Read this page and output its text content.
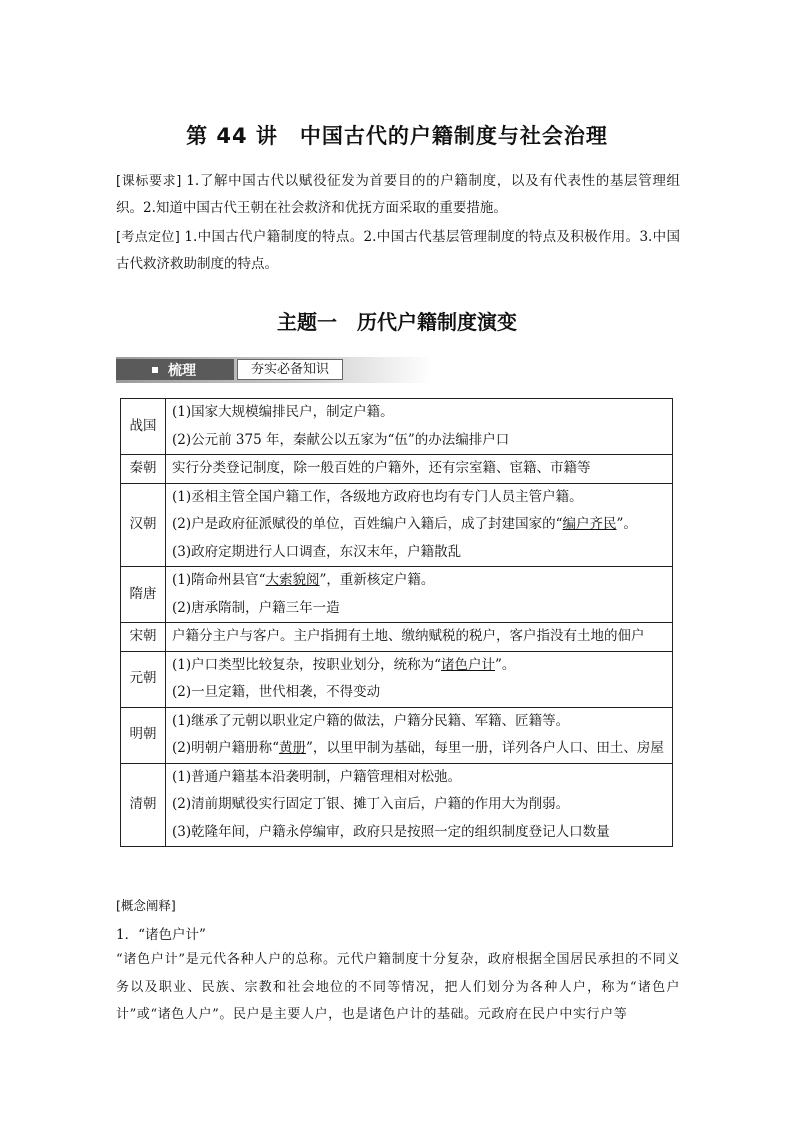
第 44 讲 中国古代的户籍制度与社会治理
[课标要求] 1.了解中国古代以赋役征发为首要目的的户籍制度，以及有代表性的基层管理组织。2.知道中国古代王朝在社会救济和优抚方面采取的重要措施。
[考点定位] 1.中国古代户籍制度的特点。2.中国古代基层管理制度的特点及积极作用。3.中国古代救济救助制度的特点。
主题一 历代户籍制度演变
梳理	夯实必备知识
战国	(1)国家大规模编排民户，制定户籍。
(2)公元前 375 年，秦献公以五家为“伍”的办法编排户口

秦朝	实行分类登记制度，除一般百姓的户籍外，还有宗室籍、宦籍、市籍等

汉朝	(1)丞相主管全国户籍工作，各级地方政府也均有专门人员主管户籍。
(2)户是政府征派赋役的单位，百姓编户入籍后，成了封建国家的“编户齐民”。
(3)政府定期进行人口调查，东汉末年，户籍散乱

隋唐	(1)隋命州县官“大索貌阅”，重新核定户籍。
(2)唐承隋制，户籍三年一造

宋朝	户籍分主户与客户。主户指拥有土地、缴纳赋税的税户，客户指没有土地的佃户

元朝	(1)户口类型比较复杂，按职业划分，统称为“诸色户计”。
(2)一旦定籍，世代相袭，不得变动

明朝	(1)继承了元朝以职业定户籍的做法，户籍分民籍、军籍、匠籍等。
(2)明朝户籍册称“黄册”，以里甲制为基础，每里一册，详列各户人口、田土、房屋

清朝	(1)普通户籍基本沿袭明制，户籍管理相对松弛。
(2)清前期赋役实行固定丁银、摊丁入亩后，户籍的作用大为削弱。
(3)乾隆年间，户籍永停编审，政府只是按照一定的组织制度登记人口数量
[概念阐释]
1．“诸色户计”
“诸色户计”是元代各种人户的总称。元代户籍制度十分复杂，政府根据全国居民承担的不同义务以及职业、民族、宗教和社会地位的不同等情况，把人们划分为各种人户，称为“诸色户计”或“诸色人户”。民户是主要人户，也是诸色户计的基础。元政府在民户中实行户等
